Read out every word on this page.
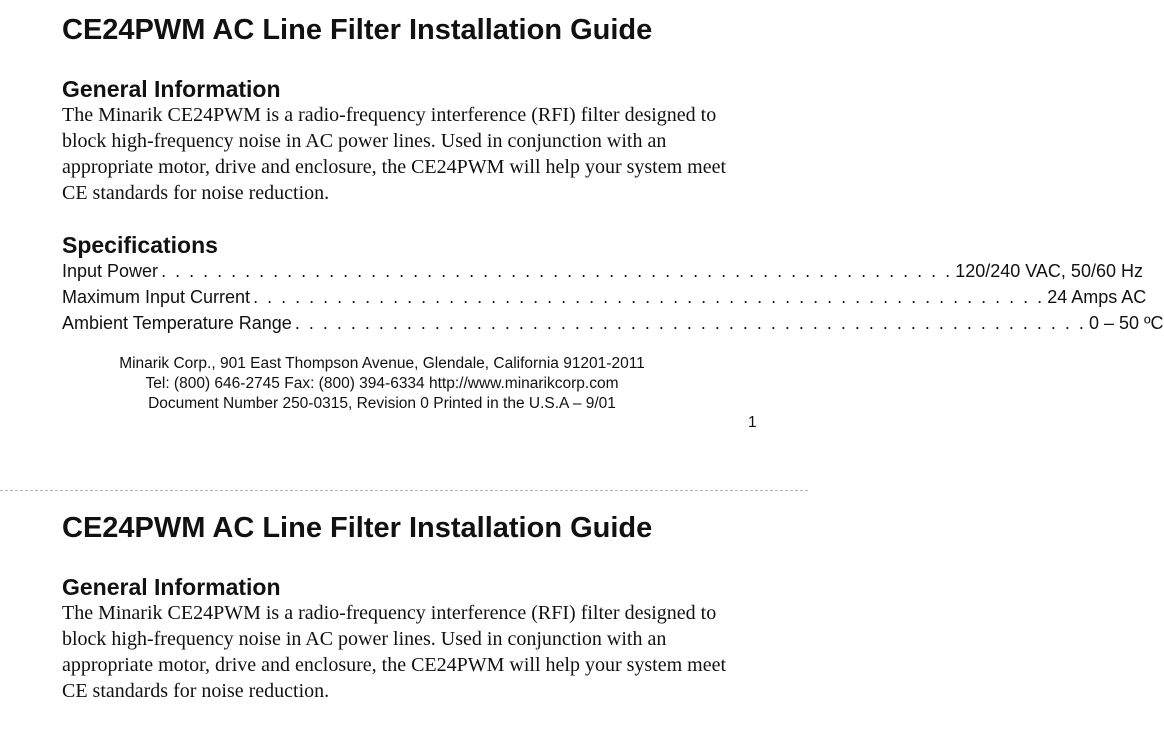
CE24PWM AC Line Filter Installation Guide
General Information

The Minarik CE24PWM is a radio-frequency interference (RFI) filter designed to block high-frequency noise in AC power lines. Used in conjunction with an appropriate motor, drive and enclosure, the CE24PWM will help your system meet CE standards for noise reduction.

Specifications
Input Power . . . . . . . . . . . . . . . . . . . . . . . . . . . . . . . . . . . . . . . . . . . . . . . . . . . . . . . . . 120/240 VAC, 50/60 Hz
Maximum Input Current . . . . . . . . . . . . . . . . . . . . . . . . . . . . . . . . . . . . . . . . . . . . . . . . . . . . . . . . . 24 Amps AC
Ambient Temperature Range . . . . . . . . . . . . . . . . . . . . . . . . . . . . . . . . . . . . . . . . . . . . . . . . . . . . . . . . . 0 – 50 ºC
Minarik Corp., 901 East Thompson Avenue, Glendale, California 91201-2011
Tel: (800) 646-2745 Fax: (800) 394-6334 http://www.minarikcorp.com
Document Number 250-0315, Revision 0 Printed in the U.S.A – 9/01
1
CE24PWM AC Line Filter Installation Guide
General Information

The Minarik CE24PWM is a radio-frequency interference (RFI) filter designed to block high-frequency noise in AC power lines. Used in conjunction with an appropriate motor, drive and enclosure, the CE24PWM will help your system meet CE standards for noise reduction.
